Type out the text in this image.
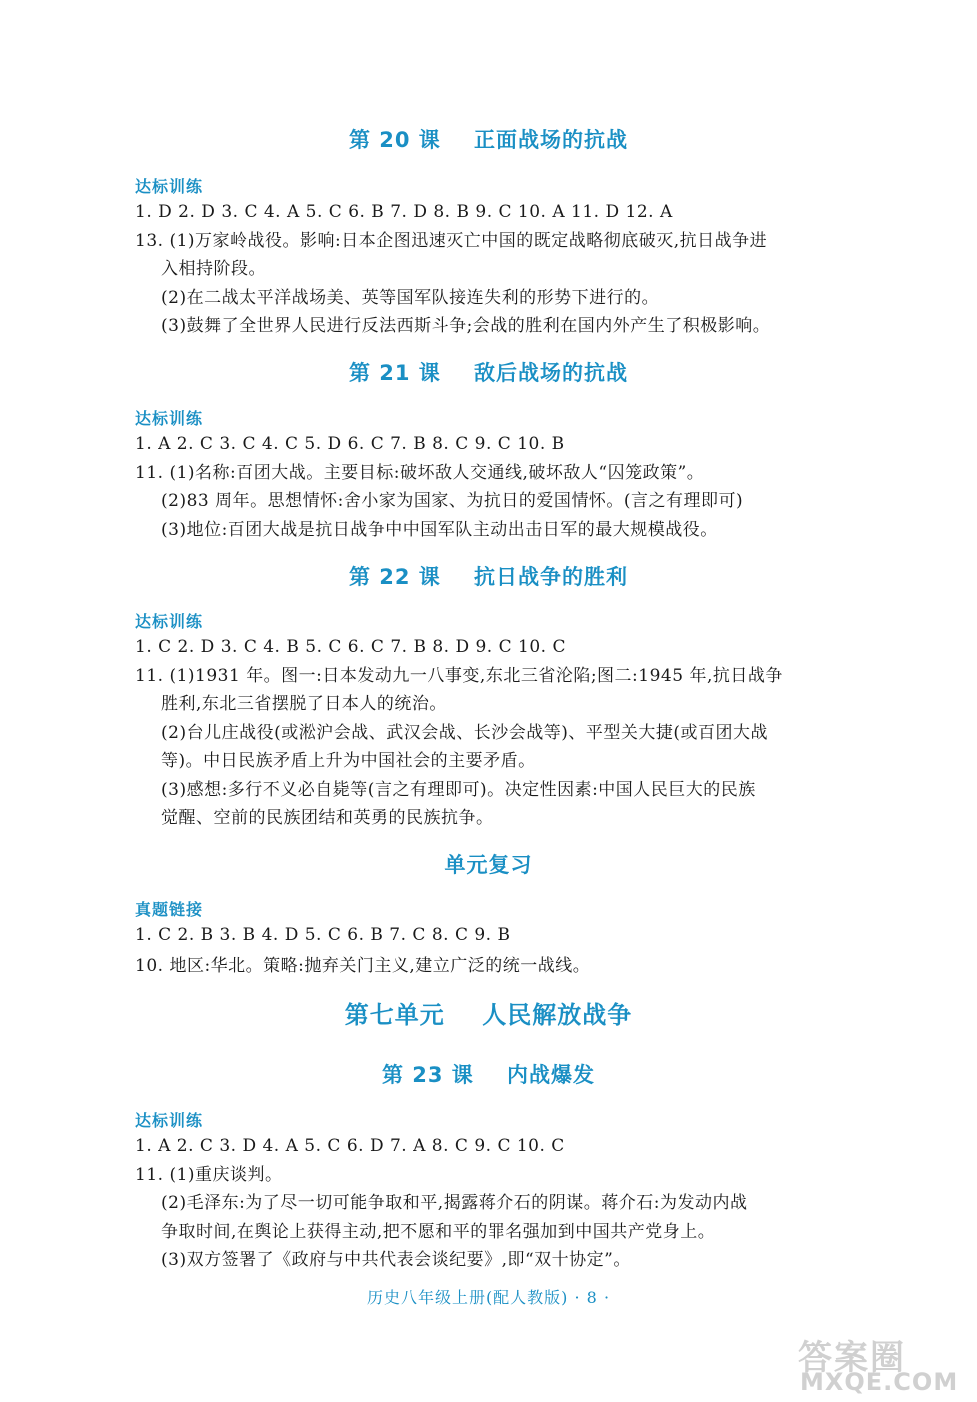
第 20 课    正面战场的抗战
达标训练
1. D 2. D 3. C 4. A 5. C 6. B 7. D 8. B 9. C 10. A 11. D 12. A
13. (1)万家岭战役。影响:日本企图迅速灭亡中国的既定战略彻底破灭,抗日战争进
入相持阶段。
(2)在二战太平洋战场美、英等国军队接连失利的形势下进行的。
(3)鼓舞了全世界人民进行反法西斯斗争;会战的胜利在国内外产生了积极影响。
第 21 课    敌后战场的抗战
达标训练
1. A 2. C 3. C 4. C 5. D 6. C 7. B 8. C 9. C 10. B
11. (1)名称:百团大战。主要目标:破坏敌人交通线,破坏敌人“囚笼政策”。
(2)83 周年。思想情怀:舍小家为国家、为抗日的爱国情怀。(言之有理即可)
(3)地位:百团大战是抗日战争中中国军队主动出击日军的最大规模战役。
第 22 课    抗日战争的胜利
达标训练
1. C 2. D 3. C 4. B 5. C 6. C 7. B 8. D 9. C 10. C
11. (1)1931 年。图一:日本发动九一八事变,东北三省沦陷;图二:1945 年,抗日战争
胜利,东北三省摆脱了日本人的统治。
(2)台儿庄战役(或淞沪会战、武汉会战、长沙会战等)、平型关大捷(或百团大战
等)。中日民族矛盾上升为中国社会的主要矛盾。
(3)感想:多行不义必自毙等(言之有理即可)。决定性因素:中国人民巨大的民族
觉醒、空前的民族团结和英勇的民族抗争。
单元复习
真题链接
1. C 2. B 3. B 4. D 5. C 6. B 7. C 8. C 9. B
10. 地区:华北。策略:抛弃关门主义,建立广泛的统一战线。
第七单元    人民解放战争
第 23 课    内战爆发
达标训练
1. A 2. C 3. D 4. A 5. C 6. D 7. A 8. C 9. C 10. C
11. (1)重庆谈判。
(2)毛泽东:为了尽一切可能争取和平,揭露蒋介石的阴谋。蒋介石:为发动内战
争取时间,在舆论上获得主动,把不愿和平的罪名强加到中国共产党身上。
(3)双方签署了《政府与中共代表会谈纪要》,即“双十协定”。
历史八年级上册(配人教版) · 8 ·
答案圈
MXQE.COM
